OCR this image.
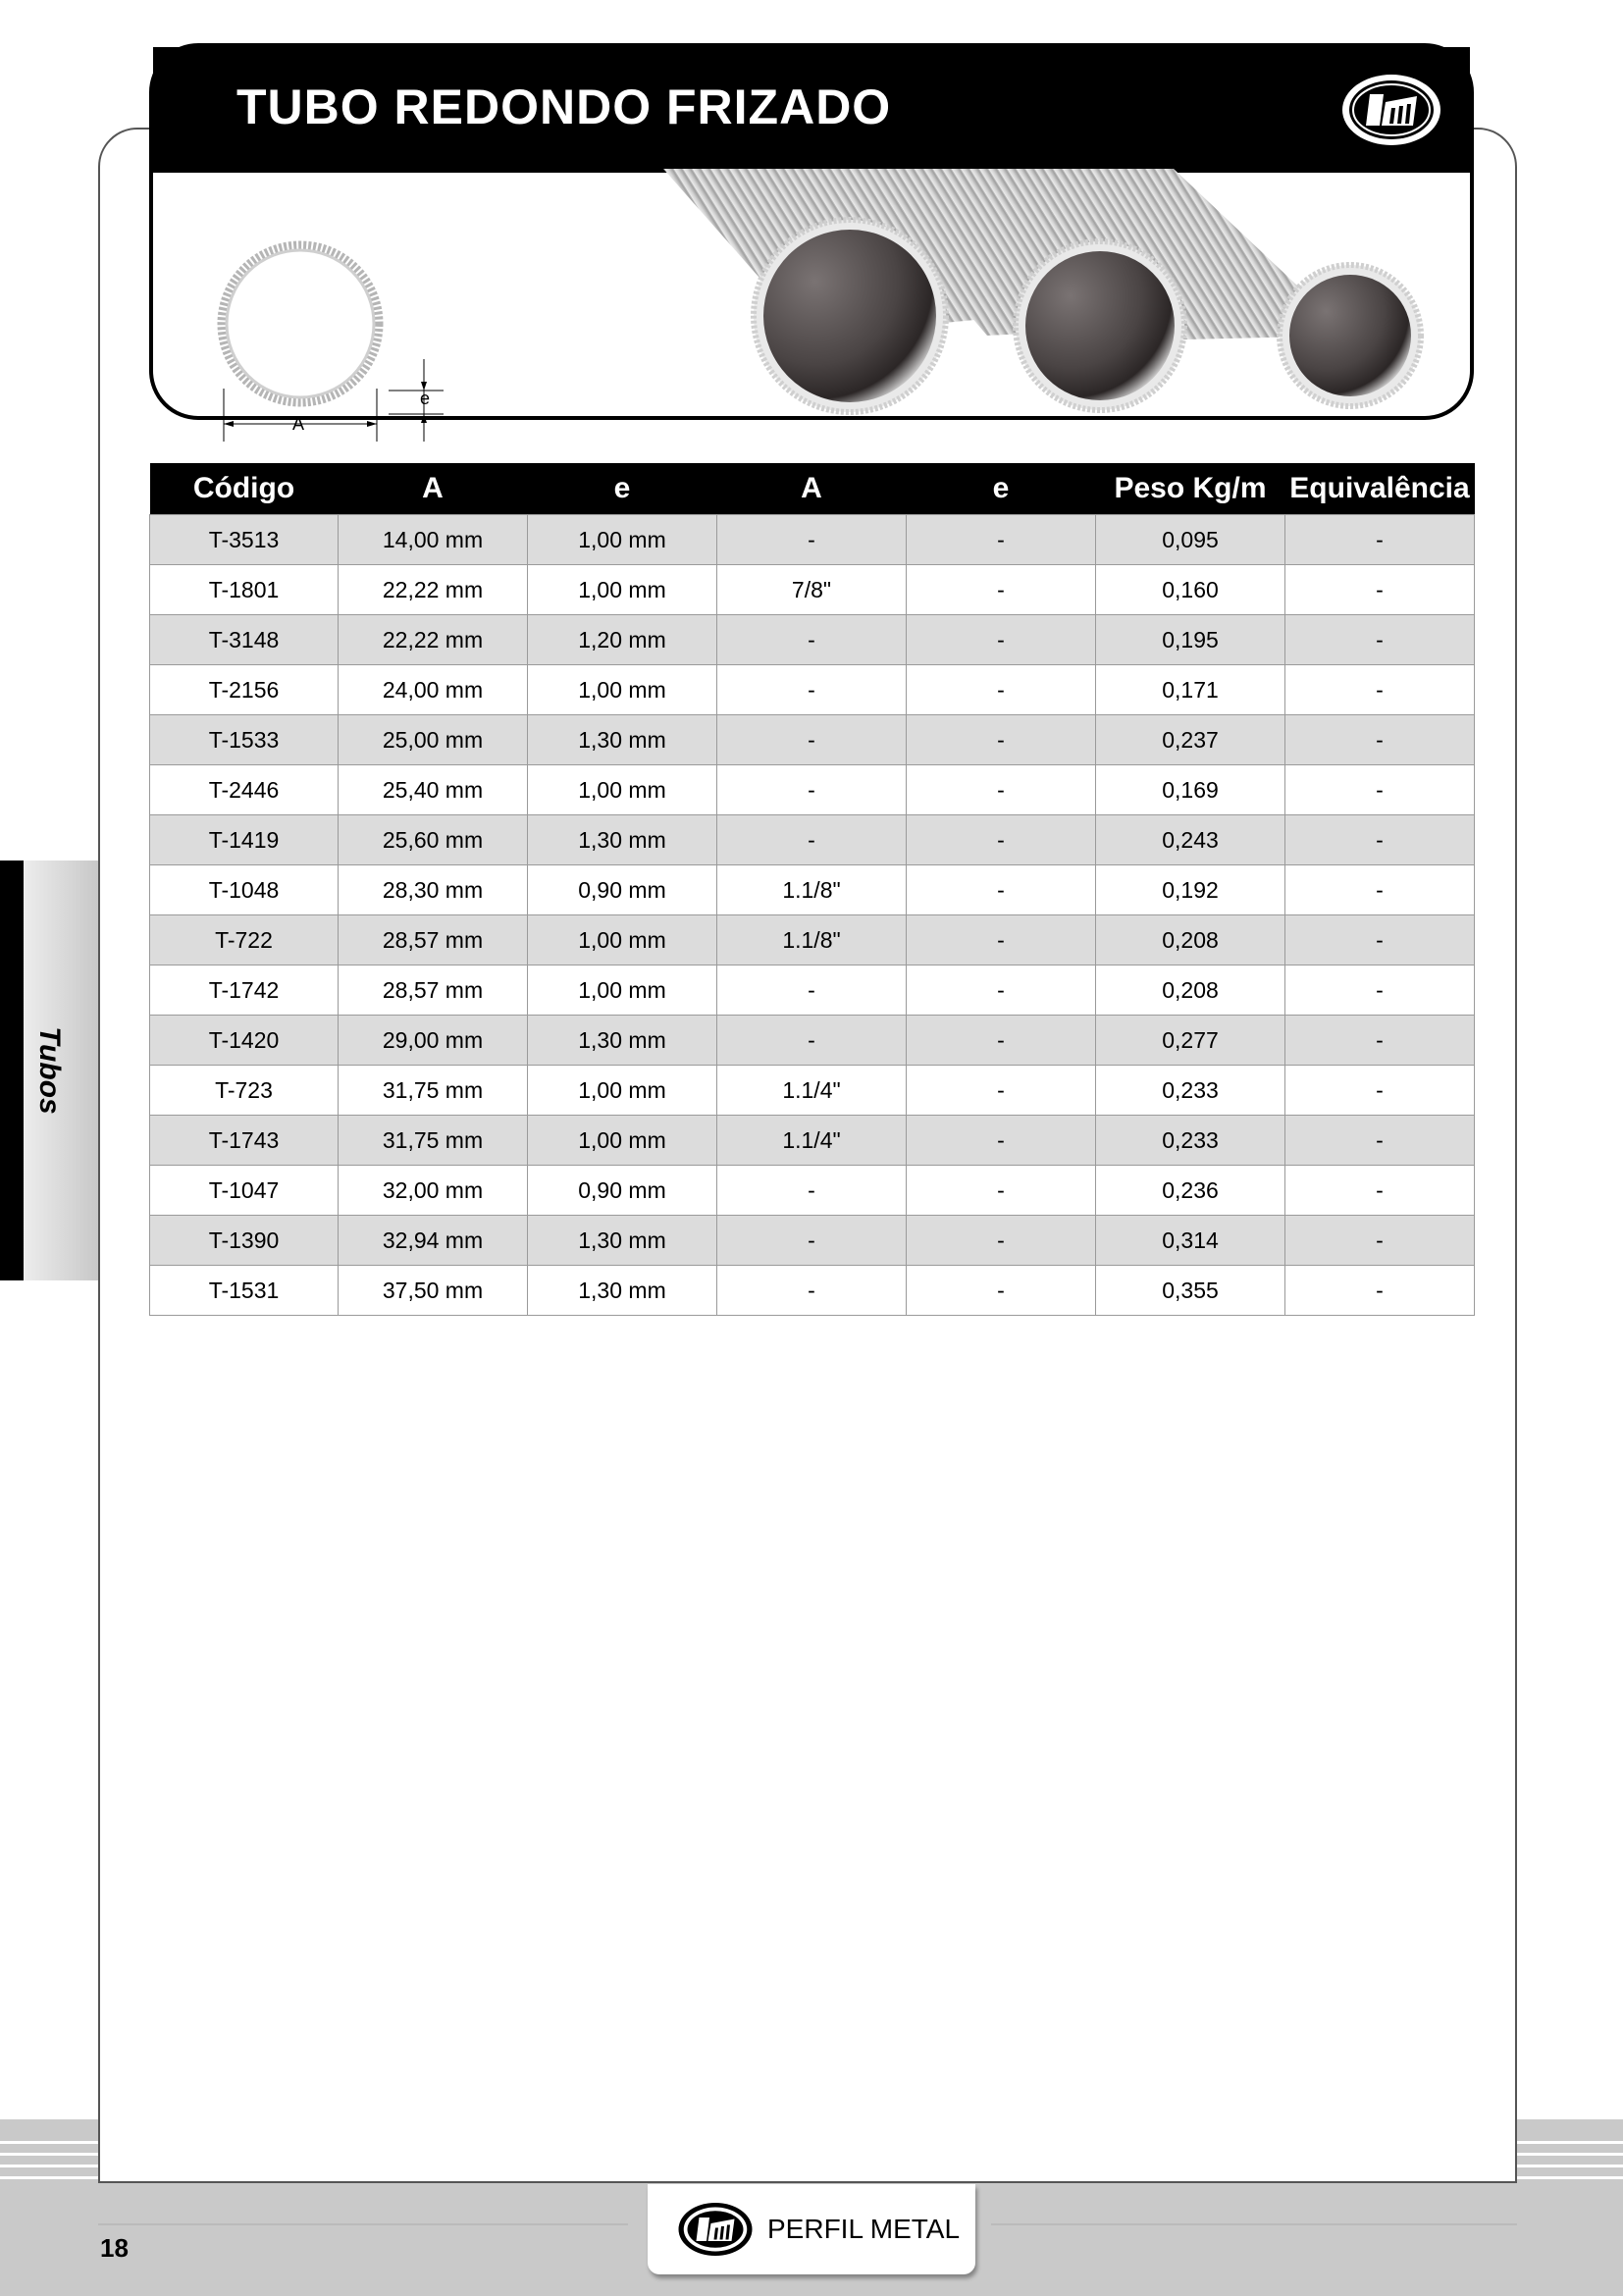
TUBO REDONDO FRIZADO
A
e
Tubos
Código	A	e	A	e	Peso Kg/m	Equivalência
T-3513	14,00 mm	1,00 mm	-	-	0,095	-
T-1801	22,22 mm	1,00 mm	7/8"	-	0,160	-
T-3148	22,22 mm	1,20 mm	-	-	0,195	-
T-2156	24,00 mm	1,00 mm	-	-	0,171	-
T-1533	25,00 mm	1,30 mm	-	-	0,237	-
T-2446	25,40 mm	1,00 mm	-	-	0,169	-
T-1419	25,60 mm	1,30 mm	-	-	0,243	-
T-1048	28,30 mm	0,90 mm	1.1/8"	-	0,192	-
T-722	28,57 mm	1,00 mm	1.1/8"	-	0,208	-
T-1742	28,57 mm	1,00 mm	-	-	0,208	-
T-1420	29,00 mm	1,30 mm	-	-	0,277	-
T-723	31,75 mm	1,00 mm	1.1/4"	-	0,233	-
T-1743	31,75 mm	1,00 mm	1.1/4"	-	0,233	-
T-1047	32,00 mm	0,90 mm	-	-	0,236	-
T-1390	32,94 mm	1,30 mm	-	-	0,314	-
T-1531	37,50 mm	1,30 mm	-	-	0,355	-
PERFIL METAL
18
